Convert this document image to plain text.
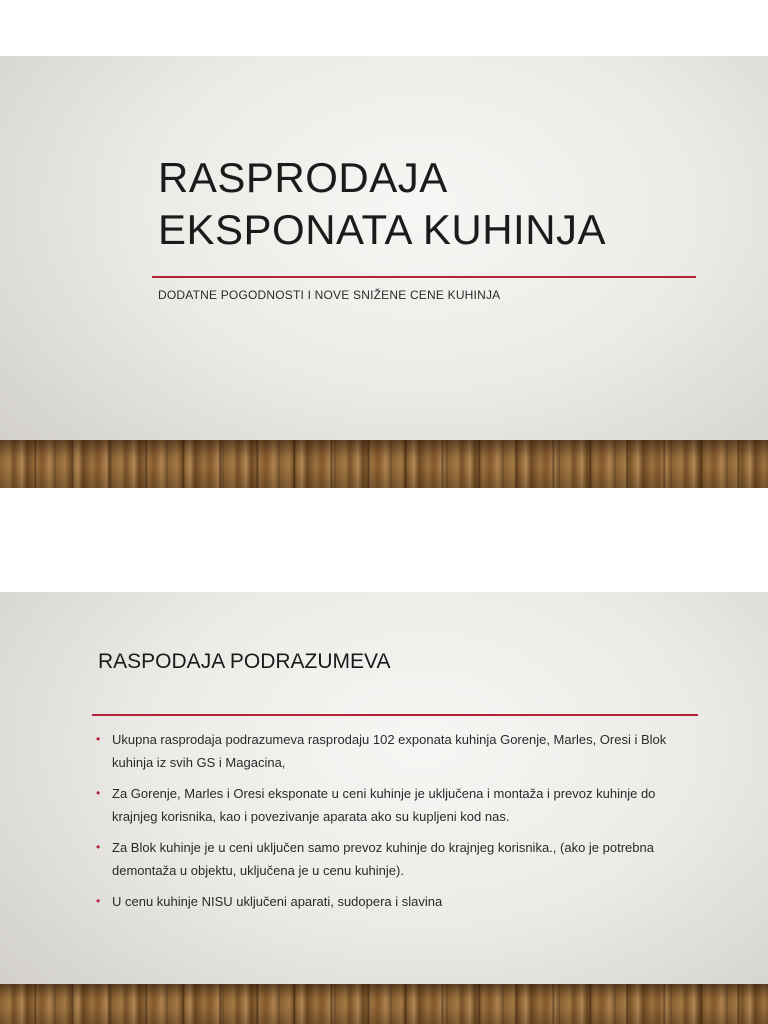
RASPRODAJA
EKSPONATA KUHINJA

DODATNE POGODNOSTI I NOVE SNIŽENE CENE KUHINJA

RASPODAJA PODRAZUMEVA
• Ukupna rasprodaja podrazumeva rasprodaju 102 exponata kuhinja Gorenje, Marles, Oresi i Blok kuhinja iz svih GS i Magacina,
• Za Gorenje, Marles i Oresi eksponate u ceni kuhinje je uključena i montaža i prevoz kuhinje do krajnjeg korisnika, kao i povezivanje aparata ako su kupljeni kod nas.
• Za Blok kuhinje je u ceni uključen samo prevoz kuhinje do krajnjeg korisnika., (ako je potrebna demontaža u objektu, uključena je u cenu kuhinje).
• U cenu kuhinje NISU uključeni aparati, sudopera i slavina
